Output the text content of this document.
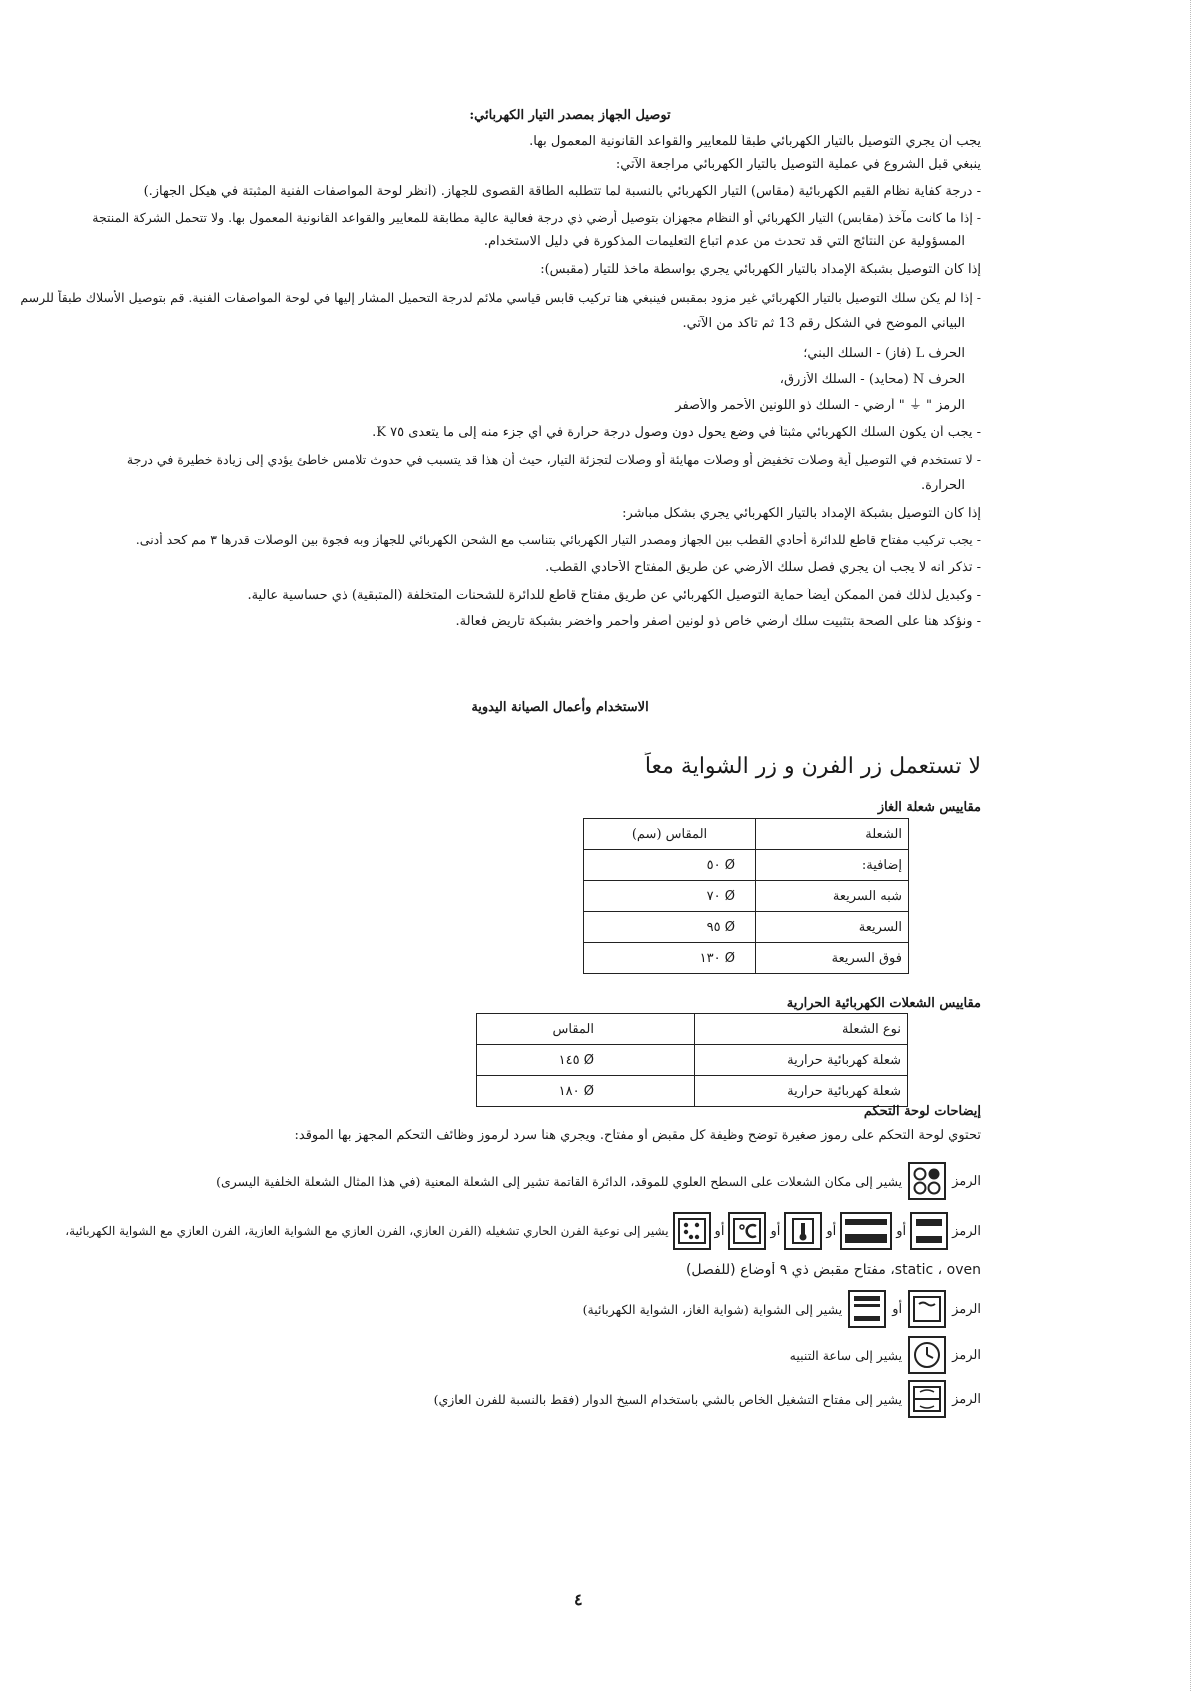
توصيل الجهاز بمصدر التيار الكهربائي:
يجب أن يجري التوصيل بالتيار الكهربائي طبقاً للمعايير والقواعد القانونية المعمول بها.
ينبغي قبل الشروع في عملية التوصيل بالتيار الكهربائي مراجعة الآتي:
- درجة كفاية نظام القيم الكهربائية (مقاس) التيار الكهربائي بالنسبة لما تتطلبه الطاقة القصوى للجهاز. (أنظر لوحة المواصفات الفنية المثبتة في هيكل الجهاز.)
- إذا ما كانت مآخذ (مقابس) التيار الكهربائي أو النظام مجهزان بتوصيل أرضي ذي درجة فعالية عالية مطابقة للمعايير والقواعد القانونية المعمول بها. ولا تتحمل الشركة المنتجة
المسؤولية عن النتائج التي قد تحدث من عدم اتباع التعليمات المذكورة في دليل الاستخدام.
إذا كان التوصيل بشبكة الإمداد بالتيار الكهربائي يجري بواسطة مأخذ للتيار (مقبس):
- إذا لم يكن سلك التوصيل بالتيار الكهربائي غير مزود بمقبس فينبغي هنا تركيب قابس قياسي ملائم لدرجة التحميل المشار إليها في لوحة المواصفات الفنية. قم بتوصيل الأسلاك طبقاً للرسم
البياني الموضح في الشكل رقم 13 ثم تأكد من الآتي.
الحرف L (فاز) - السلك البني؛
الحرف N (محايد) - السلك الأزرق،
الرمز " ⏚ " أرضي - السلك ذو اللونين الأحمر والأصفر
- يجب أن يكون السلك الكهربائي مثبتاً في وضع يحول دون وصول درجة حرارة في أي جزء منه إلى ما يتعدى ٧٥ K.
- لا تستخدم في التوصيل أية وصلات تخفيض أو وصلات مهايئة أو وصلات لتجزئة التيار، حيث أن هذا قد يتسبب في حدوث تلامس خاطئ يؤدي إلى زيادة خطيرة في درجة
الحرارة.
إذا كان التوصيل بشبكة الإمداد بالتيار الكهربائي يجري بشكل مباشر:
- يجب تركيب مفتاح قاطع للدائرة أحادي القطب بين الجهاز ومصدر التيار الكهربائي بتناسب مع الشحن الكهربائي للجهاز وبه فجوة بين الوصلات قدرها ٣ مم كحد أدنى.
- تذكر أنه لا يجب أن يجري فصل سلك الأرضي عن طريق المفتاح الأحادي القطب.
- وكبديل لذلك فمن الممكن أيضاً حماية التوصيل الكهربائي عن طريق مفتاح قاطع للدائرة للشحنات المتخلفة (المتبقية) ذي حساسية عالية.
- ونؤكد هنا على الصحة بتثبيت سلك أرضي خاص ذو لونين أصفر وأحمر وأخضر بشبكة تأريض فعالة.
الاستخدام وأعمال الصيانة اليدوية
لا تستعمل زر الفرن و زر الشواية معاً
مقاييس شعلة الغاز
الشعلة	المقاس (سم)
إضافية:	Ø ٥٠
شبه السريعة	Ø ٧٠
السريعة	Ø ٩٥
فوق السريعة	Ø ١٣٠
مقاييس الشعلات الكهربائية الحرارية
نوع الشعلة	المقاس
شعلة كهربائية حرارية	Ø ١٤٥
شعلة كهربائية حرارية	Ø ١٨٠
إيضاحات لوحة التحكم
تحتوي لوحة التحكم على رموز صغيرة توضح وظيفة كل مقبض أو مفتاح. ويجري هنا سرد لرموز وظائف التحكم المجهز بها الموقد:
الرمز
يشير إلى مكان الشعلات على السطح العلوي للموقد، الدائرة القاتمة تشير إلى الشعلة المعنية (في هذا المثال الشعلة الخلفية اليسرى)
الرمز
أو
أو
أو
أو
يشير إلى نوعية الفرن الحاري تشغيله (الفرن العازي، الفرن العازي مع الشواية العازية، الفرن العازي مع الشواية الكهربائية،
static ، oven، مفتاح مقبض ذي ٩ أوضاع (للفصل)
الرمز
أو
يشير إلى الشواية (شواية الغاز، الشواية الكهربائية)
الرمز
يشير إلى ساعة التنبيه
الرمز
يشير إلى مفتاح التشغيل الخاص بالشي باستخدام السيخ الدوار (فقط بالنسبة للفرن العازي)
٤
